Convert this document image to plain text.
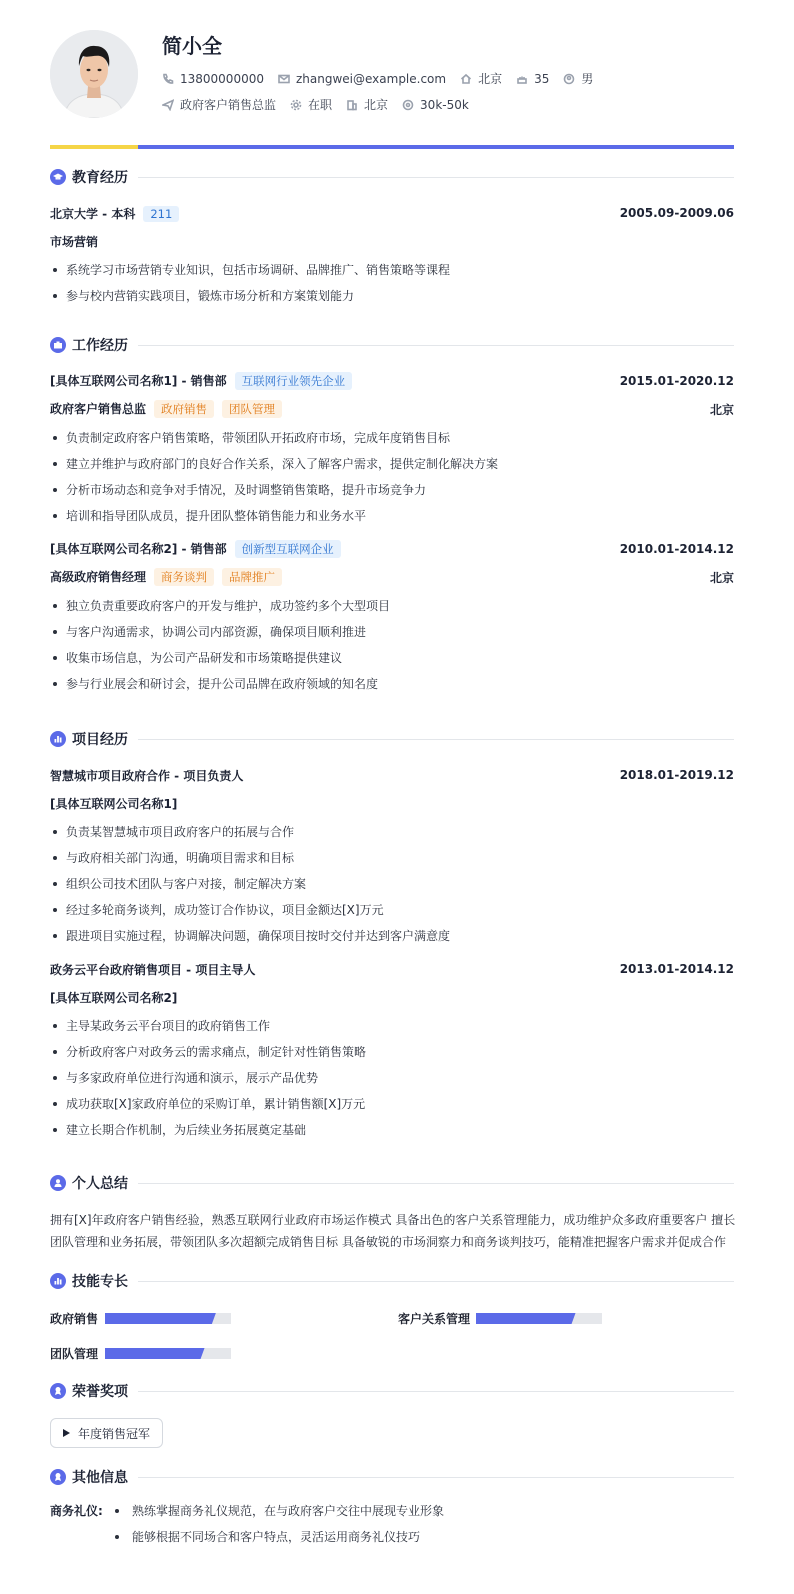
简小全
13800000000	zhangwei@example.com	北京	35	男
政府客户销售总监	在职	北京	30k-50k
教育经历
北京大学 - 本科 211	2005.09-2009.06
市场营销
系统学习市场营销专业知识，包括市场调研、品牌推广、销售策略等课程
参与校内营销实践项目，锻炼市场分析和方案策划能力
工作经历
[具体互联网公司名称1] - 销售部 互联网行业领先企业	2015.01-2020.12
政府客户销售总监 政府销售 团队管理	北京
负责制定政府客户销售策略，带领团队开拓政府市场，完成年度销售目标
建立并维护与政府部门的良好合作关系，深入了解客户需求，提供定制化解决方案
分析市场动态和竞争对手情况，及时调整销售策略，提升市场竞争力
培训和指导团队成员，提升团队整体销售能力和业务水平
[具体互联网公司名称2] - 销售部 创新型互联网企业	2010.01-2014.12
高级政府销售经理 商务谈判 品牌推广	北京
独立负责重要政府客户的开发与维护，成功签约多个大型项目
与客户沟通需求，协调公司内部资源，确保项目顺利推进
收集市场信息，为公司产品研发和市场策略提供建议
参与行业展会和研讨会，提升公司品牌在政府领域的知名度
项目经历
智慧城市项目政府合作 - 项目负责人	2018.01-2019.12
[具体互联网公司名称1]
负责某智慧城市项目政府客户的拓展与合作
与政府相关部门沟通，明确项目需求和目标
组织公司技术团队与客户对接，制定解决方案
经过多轮商务谈判，成功签订合作协议，项目金额达[X]万元
跟进项目实施过程，协调解决问题，确保项目按时交付并达到客户满意度
政务云平台政府销售项目 - 项目主导人	2013.01-2014.12
[具体互联网公司名称2]
主导某政务云平台项目的政府销售工作
分析政府客户对政务云的需求痛点，制定针对性销售策略
与多家政府单位进行沟通和演示，展示产品优势
成功获取[X]家政府单位的采购订单，累计销售额[X]万元
建立长期合作机制，为后续业务拓展奠定基础
个人总结
拥有[X]年政府客户销售经验，熟悉互联网行业政府市场运作模式 具备出色的客户关系管理能力，成功维护众多政府重要客户 擅长
团队管理和业务拓展，带领团队多次超额完成销售目标 具备敏锐的市场洞察力和商务谈判技巧，能精准把握客户需求并促成合作
技能专长
政府销售	客户关系管理
团队管理
荣誉奖项
年度销售冠军
其他信息
商务礼仪:	熟练掌握商务礼仪规范，在与政府客户交往中展现专业形象
能够根据不同场合和客户特点，灵活运用商务礼仪技巧
